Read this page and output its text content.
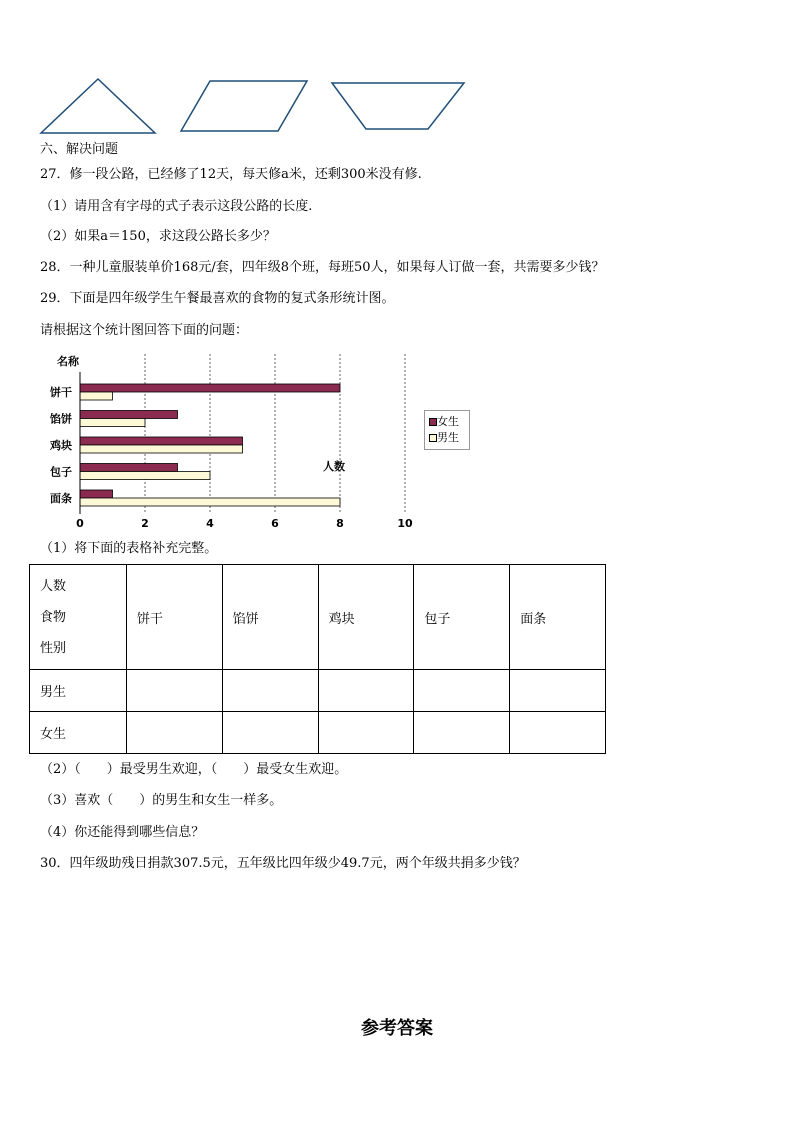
六、解决问题
27．修一段公路，已经修了12天，每天修a米，还剩300米没有修.
（1）请用含有字母的式子表示这段公路的长度.
（2）如果a＝150，求这段公路长多少？
28．一种儿童服装单价168元/套，四年级8个班，每班50人，如果每人订做一套，共需要多少钱？
29．下面是四年级学生午餐最喜欢的食物的复式条形统计图。
请根据这个统计图回答下面的问题：
0	2	4	6	8	10
饼干
馅饼
鸡块
包子
面条
名称
人数
女生
男生
（1）将下面的表格补充完整。
人数
食物
性别	饼干	馅饼	鸡块	包子	面条
男生					
女生					
（2）（　　）最受男生欢迎，（　　）最受女生欢迎。
（3）喜欢（　　）的男生和女生一样多。
（4）你还能得到哪些信息？
30．四年级助残日捐款307.5元，五年级比四年级少49.7元，两个年级共捐多少钱？
参考答案
